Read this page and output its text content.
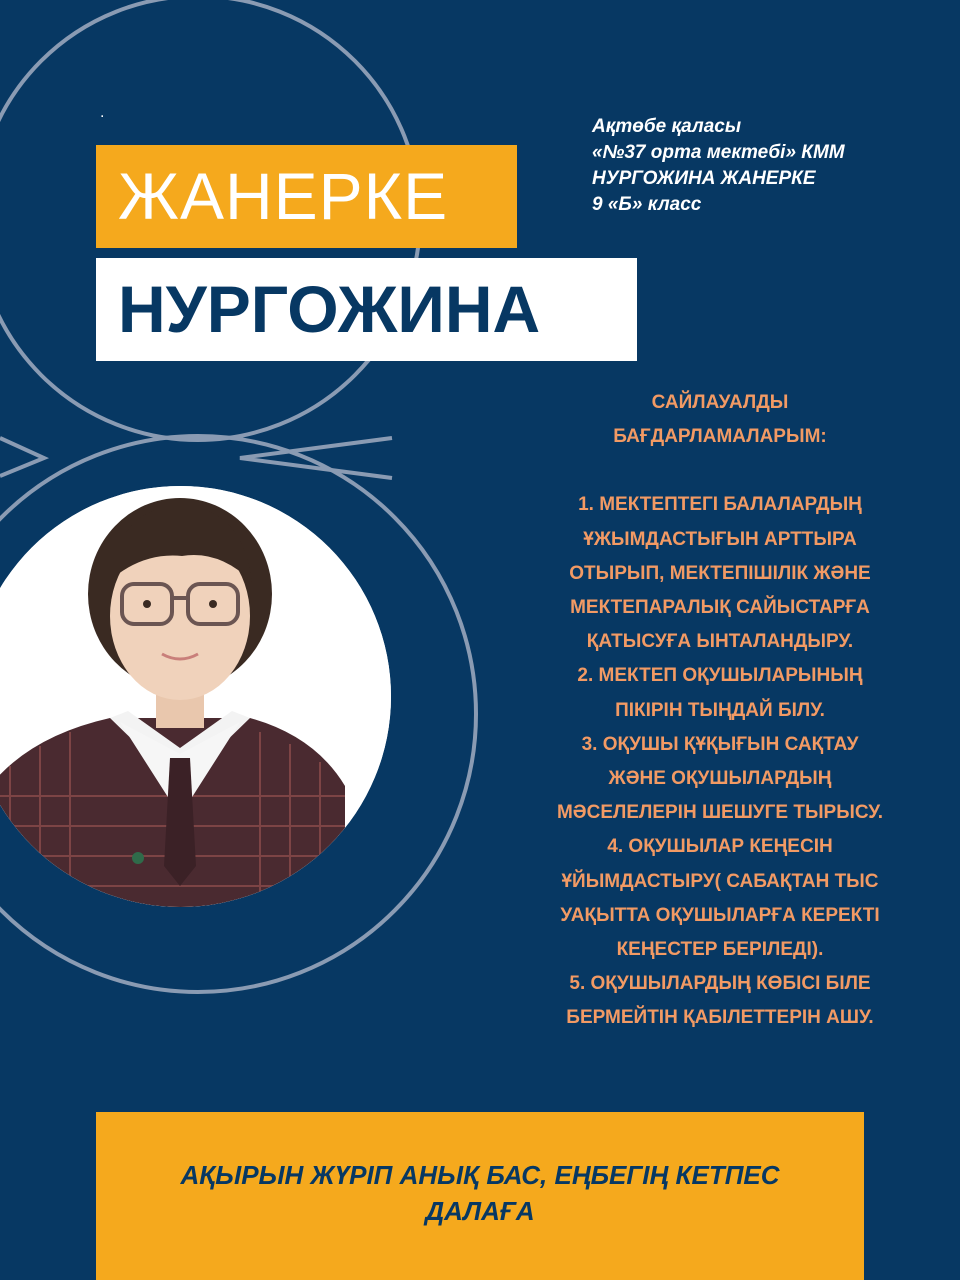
.
Ақтөбе қаласы
«№37 орта мектебі» КММ
НУРГОЖИНА ЖАНЕРКЕ
9 «Б» класс
ЖАНЕРКЕ
НУРГОЖИНА
САЙЛАУАЛДЫ
БАҒДАРЛАМАЛАРЫМ:
1. МЕКТЕПТЕГІ БАЛАЛАРДЫҢ
ҰЖЫМДАСТЫҒЫН АРТТЫРА
ОТЫРЫП, МЕКТЕПІШІЛІК ЖӘНЕ
МЕКТЕПАРАЛЫҚ САЙЫСТАРҒА
ҚАТЫСУҒА ЫНТАЛАНДЫРУ.
2. МЕКТЕП ОҚУШЫЛАРЫНЫҢ
ПІКІРІН ТЫҢДАЙ БІЛУ.
3. ОҚУШЫ ҚҰҚЫҒЫН САҚТАУ
ЖӘНЕ ОҚУШЫЛАРДЫҢ
МӘСЕЛЕЛЕРІН ШЕШУГЕ ТЫРЫСУ.
4. ОҚУШЫЛАР КЕҢЕСІН
ҰЙЫМДАСТЫРУ( САБАҚТАН ТЫС
УАҚЫТТА ОҚУШЫЛАРҒА КЕРЕКТІ
КЕҢЕСТЕР БЕРІЛЕДІ).
5. ОҚУШЫЛАРДЫҢ КӨБІСІ БІЛЕ
БЕРМЕЙТІН ҚАБІЛЕТТЕРІН АШУ.
АҚЫРЫН ЖҮРІП АНЫҚ БАС, ЕҢБЕГІҢ КЕТПЕС
ДАЛАҒА
